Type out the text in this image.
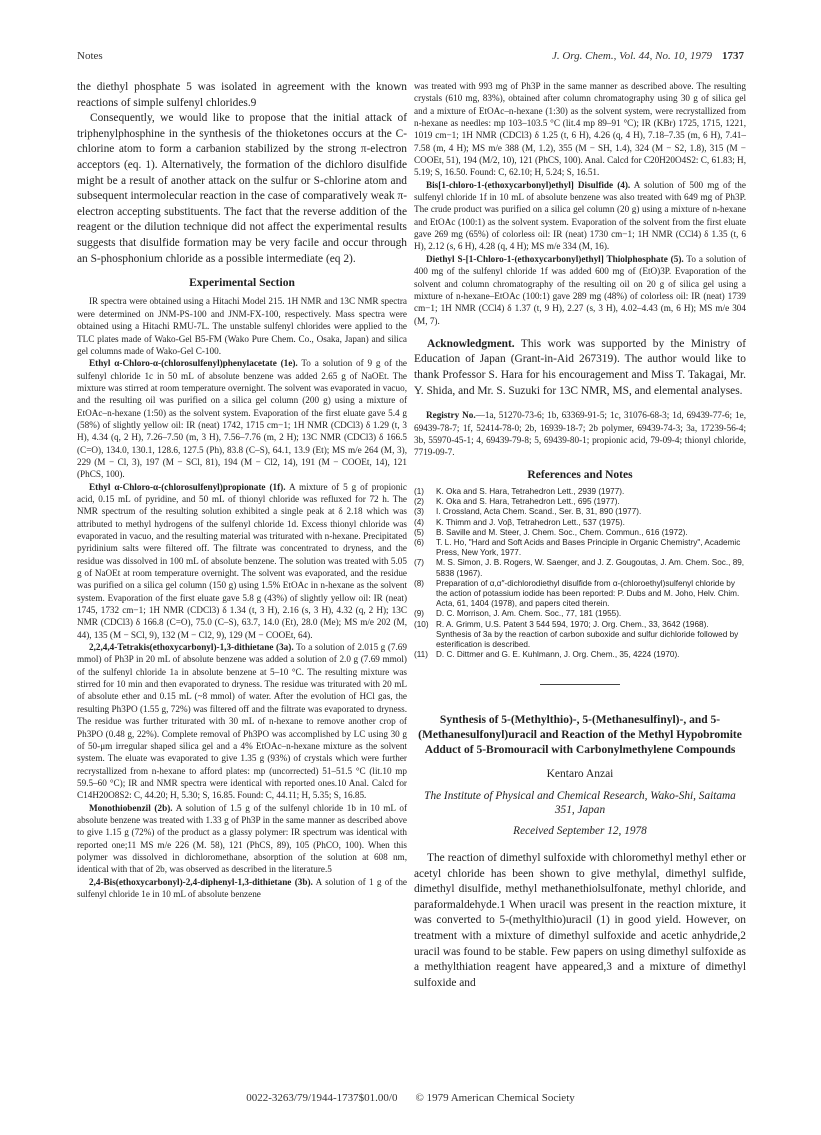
Notes	J. Org. Chem., Vol. 44, No. 10, 1979 1737

the diethyl phosphate 5 was isolated in agreement with the known reactions of simple sulfenyl chlorides.9

Consequently, we would like to propose that the initial attack of triphenylphosphine in the synthesis of the thioketones occurs at the C-chlorine atom to form a carbanion stabilized by the strong π-electron acceptors (eq. 1). Alternatively, the formation of the dichloro disulfide might be a result of another attack on the sulfur or S-chlorine atom and subsequent intermolecular reaction in the case of comparatively weak π-electron accepting substituents. The fact that the reverse addition of the reagent or the dilution technique did not affect the experimental results suggests that disulfide formation may be very facile and occur through an S-phosphonium chloride as a possible intermediate (eq 2).

Experimental Section

IR spectra were obtained using a Hitachi Model 215. 1H NMR and 13C NMR spectra were determined on JNM-PS-100 and JNM-FX-100, respectively. Mass spectra were obtained using a Hitachi RMU-7L. The unstable sulfenyl chlorides were applied to the TLC plates made of Wako-Gel B5-FM (Wako Pure Chem. Co., Osaka, Japan) and silica gel columns made of Wako-Gel C-100.

Ethyl α-Chloro-α-(chlorosulfenyl)phenylacetate (1e). To a solution of 9 g of the sulfenyl chloride 1c in 50 mL of absolute benzene was added 2.65 g of NaOEt. The mixture was stirred at room temperature overnight. The solvent was evaporated in vacuo, and the resulting oil was purified on a silica gel column (200 g) using a mixture of EtOAc–n-hexane (1:50) as the solvent system. Evaporation of the first eluate gave 5.4 g (58%) of slightly yellow oil: IR (neat) 1742, 1715 cm−1; 1H NMR (CDCl3) δ 1.29 (t, 3 H), 4.34 (q, 2 H), 7.26–7.50 (m, 3 H), 7.56–7.76 (m, 2 H); 13C NMR (CDCl3) δ 166.5 (C=O), 134.0, 130.1, 128.6, 127.5 (Ph), 83.8 (C–S), 64.1, 13.9 (Et); MS m/e 264 (M, 3), 229 (M − Cl, 3), 197 (M − SCl, 81), 194 (M − Cl2, 14), 191 (M − COOEt, 14), 121 (PhCS, 100).

Ethyl α-Chloro-α-(chlorosulfenyl)propionate (1f). A mixture of 5 g of propionic acid, 0.15 mL of pyridine, and 50 mL of thionyl chloride was refluxed for 72 h. The NMR spectrum of the resulting solution exhibited a single peak at δ 2.18 which was attributed to methyl hydrogens of the sulfenyl chloride 1d. Excess thionyl chloride was evaporated in vacuo, and the resulting material was triturated with n-hexane. Precipitated pyridinium salts were filtered off. The filtrate was concentrated to dryness, and the residue was dissolved in 100 mL of absolute benzene. The solution was treated with 5.05 g of NaOEt at room temperature overnight. The solvent was evaporated, and the residue was purified on a silica gel column (150 g) using 1.5% EtOAc in n-hexane as the solvent system. Evaporation of the first eluate gave 5.8 g (43%) of slightly yellow oil: IR (neat) 1745, 1732 cm−1; 1H NMR (CDCl3) δ 1.34 (t, 3 H), 2.16 (s, 3 H), 4.32 (q, 2 H); 13C NMR (CDCl3) δ 166.8 (C=O), 75.0 (C–S), 63.7, 14.0 (Et), 28.0 (Me); MS m/e 202 (M, 44), 135 (M − SCl, 9), 132 (M − Cl2, 9), 129 (M − COOEt, 64).

2,2,4,4-Tetrakis(ethoxycarbonyl)-1,3-dithietane (3a). To a solution of 2.015 g (7.69 mmol) of Ph3P in 20 mL of absolute benzene was added a solution of 2.0 g (7.69 mmol) of the sulfenyl chloride 1a in absolute benzene at 5–10 °C. The resulting mixture was stirred for 10 min and then evaporated to dryness. The residue was triturated with 20 mL of absolute ether and 0.15 mL (~8 mmol) of water. After the evolution of HCl gas, the resulting Ph3PO (1.55 g, 72%) was filtered off and the filtrate was evaporated to dryness. The residue was further triturated with 30 mL of n-hexane to remove another crop of Ph3PO (0.48 g, 22%). Complete removal of Ph3PO was accomplished by LC using 30 g of 50-μm irregular shaped silica gel and a 4% EtOAc–n-hexane mixture as the solvent system. The eluate was evaporated to give 1.35 g (93%) of crystals which were further recrystallized from n-hexane to afford plates: mp (uncorrected) 51–51.5 °C (lit.10 mp 59.5–60 °C); IR and NMR spectra were identical with reported ones.10 Anal. Calcd for C14H20O8S2: C, 44.20; H, 5.30; S, 16.85. Found: C, 44.11; H, 5.35; S, 16.85.

Monothiobenzil (2b). A solution of 1.5 g of the sulfenyl chloride 1b in 10 mL of absolute benzene was treated with 1.33 g of Ph3P in the same manner as described above to give 1.15 g (72%) of the product as a glassy polymer: IR spectrum was identical with reported one;11 MS m/e 226 (M. 58), 121 (PhCS, 89), 105 (PhCO, 100). When this polymer was dissolved in dichloromethane, absorption of the solution at 608 nm, identical with that of 2b, was observed as described in the literature.5

2,4-Bis(ethoxycarbonyl)-2,4-diphenyl-1,3-dithietane (3b). A solution of 1 g of the sulfenyl chloride 1e in 10 mL of absolute benzene

was treated with 993 mg of Ph3P in the same manner as described above. The resulting crystals (610 mg, 83%), obtained after column chromatography using 30 g of silica gel and a mixture of EtOAc–n-hexane (1:30) as the solvent system, were recrystallized from n-hexane as needles: mp 103–103.5 °C (lit.4 mp 89–91 °C); IR (KBr) 1725, 1715, 1221, 1019 cm−1; 1H NMR (CDCl3) δ 1.25 (t, 6 H), 4.26 (q, 4 H), 7.18–7.35 (m, 6 H), 7.41–7.58 (m, 4 H); MS m/e 388 (M, 1.2), 355 (M − SH, 1.4), 324 (M − S2, 1.8), 315 (M − COOEt, 51), 194 (M/2, 10), 121 (PhCS, 100). Anal. Calcd for C20H20O4S2: C, 61.83; H, 5.19; S, 16.50. Found: C, 62.10; H, 5.24; S, 16.51.

Bis[1-chloro-1-(ethoxycarbonyl)ethyl] Disulfide (4). A solution of 500 mg of the sulfenyl chloride 1f in 10 mL of absolute benzene was also treated with 649 mg of Ph3P. The crude product was purified on a silica gel column (20 g) using a mixture of n-hexane and EtOAc (100:1) as the solvent system. Evaporation of the solvent from the first eluate gave 269 mg (65%) of colorless oil: IR (neat) 1730 cm−1; 1H NMR (CCl4) δ 1.35 (t, 6 H), 2.12 (s, 6 H), 4.28 (q, 4 H); MS m/e 334 (M, 16).

Diethyl S-[1-Chloro-1-(ethoxycarbonyl)ethyl] Thiolphosphate (5). To a solution of 400 mg of the sulfenyl chloride 1f was added 600 mg of (EtO)3P. Evaporation of the solvent and column chromatography of the resulting oil on 20 g of silica gel using a mixture of n-hexane–EtOAc (100:1) gave 289 mg (48%) of colorless oil: IR (neat) 1739 cm−1; 1H NMR (CCl4) δ 1.37 (t, 9 H), 2.27 (s, 3 H), 4.02–4.43 (m, 6 H); MS m/e 304 (M, 7).

Acknowledgment. This work was supported by the Ministry of Education of Japan (Grant-in-Aid 267319). The author would like to thank Professor S. Hara for his encouragement and Miss T. Takagai, Mr. Y. Shida, and Mr. S. Suzuki for 13C NMR, MS, and elemental analyses.

Registry No.—1a, 51270-73-6; 1b, 63369-91-5; 1c, 31076-68-3; 1d, 69439-77-6; 1e, 69439-78-7; 1f, 52414-78-0; 2b, 16939-18-7; 2b polymer, 69439-74-3; 3a, 17239-56-4; 3b, 55970-45-1; 4, 69439-79-8; 5, 69439-80-1; propionic acid, 79-09-4; thionyl chloride, 7719-09-7.

References and Notes
(1) K. Oka and S. Hara, Tetrahedron Lett., 2939 (1977).
(2) K. Oka and S. Hara, Tetrahedron Lett., 695 (1977).
(3) I. Crossland, Acta Chem. Scand., Ser. B, 31, 890 (1977).
(4) K. Thimm and J. Voβ, Tetrahedron Lett., 537 (1975).
(5) B. Saville and M. Steer, J. Chem. Soc., Chem. Commun., 616 (1972).
(6) T. L. Ho, "Hard and Soft Acids and Bases Principle in Organic Chemistry", Academic Press, New York, 1977.
(7) M. S. Simon, J. B. Rogers, W. Saenger, and J. Z. Gougoutas, J. Am. Chem. Soc., 89, 5838 (1967).
(8) Preparation of α,α′′-dichlorodiethyl disulfide from α-(chloroethyl)sulfenyl chloride by the action of potassium iodide has been reported: P. Dubs and M. Joho, Helv. Chim. Acta, 61, 1404 (1978), and papers cited therein.
(9) D. C. Morrison, J. Am. Chem. Soc., 77, 181 (1955).
(10) R. A. Grimm, U.S. Patent 3 544 594, 1970; J. Org. Chem., 33, 3642 (1968). Synthesis of 3a by the reaction of carbon suboxide and sulfur dichloride followed by esterification is described.
(11) D. C. Dittmer and G. E. Kuhlmann, J. Org. Chem., 35, 4224 (1970).
Synthesis of 5-(Methylthio)-, 5-(Methanesulfinyl)-, and 5-(Methanesulfonyl)uracil and Reaction of the Methyl Hypobromite Adduct of 5-Bromouracil with Carbonylmethylene Compounds
Kentaro Anzai
The Institute of Physical and Chemical Research, Wako-Shi, Saitama 351, Japan
Received September 12, 1978

The reaction of dimethyl sulfoxide with chloromethyl methyl ether or acetyl chloride has been shown to give methylal, dimethyl sulfide, dimethyl disulfide, methyl methanethiolsulfonate, methyl chloride, and paraformaldehyde.1 When uracil was present in the reaction mixture, it was converted to 5-(methylthio)uracil (1) in good yield. However, on treatment with a mixture of dimethyl sulfoxide and acetic anhydride,2 uracil was found to be stable. Few papers on using dimethyl sulfoxide as a methylthiation reagent have appeared,3 and a mixture of dimethyl sulfoxide and

0022-3263/79/1944-1737$01.00/0 © 1979 American Chemical Society
